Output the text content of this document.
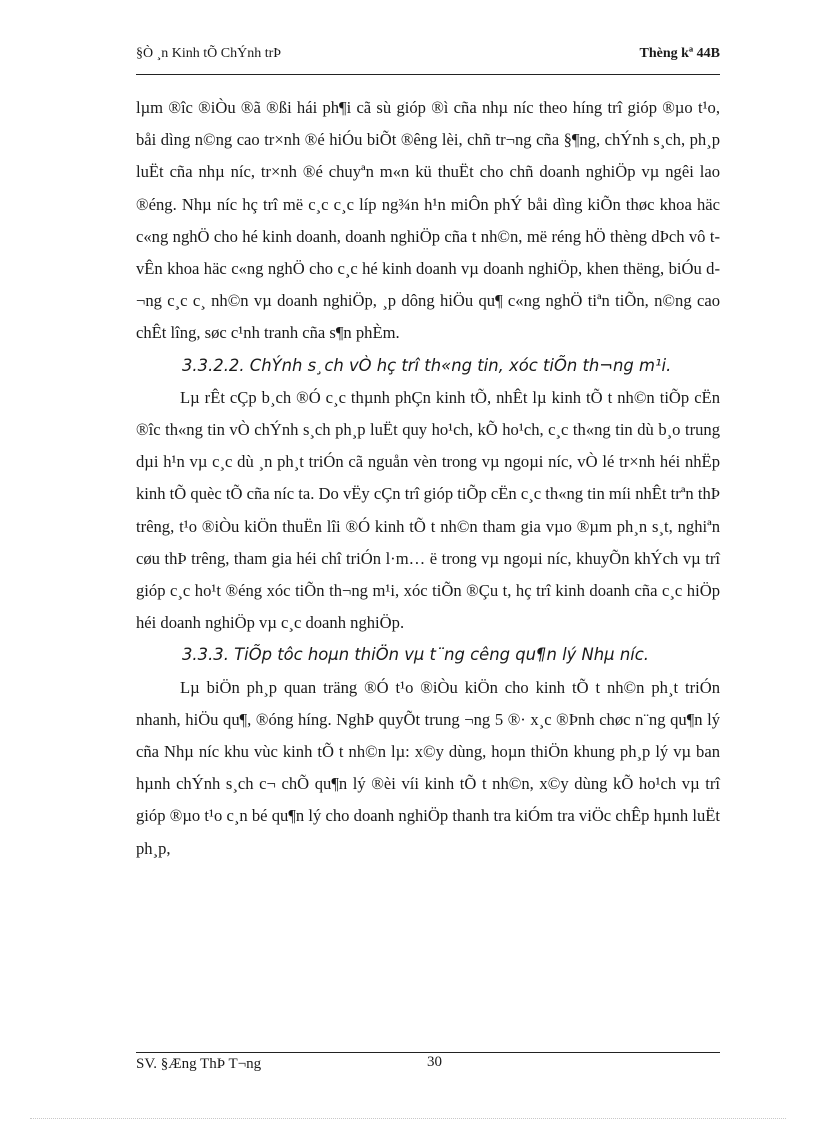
§Ò ¸n Kinh tÕ ChÝnh trÞ	Thèng kª 44B

lµm ®îc ®iÒu ®ã ®ßi hái ph¶i cã sù gióp ®ì cña nhµ níc theo híng trî gióp ®µo t¹o, båi dìng n©ng cao tr×nh ®é hiÓu biÕt ®êng lèi, chñ tr¬ng cña §¶ng, chÝnh s¸ch, ph¸p luËt cña nhµ níc, tr×nh ®é chuyªn m«n kü thuËt cho chñ doanh nghiÖp vµ ngêi lao ®éng. Nhµ níc hç trî më c¸c c¸c líp ng¾n h¹n miÔn phÝ båi dìng kiÕn thøc khoa häc c«ng nghÖ cho hé kinh doanh, doanh nghiÖp cña t nh©n, më réng hÖ thèng dÞch vô t vÊn khoa häc c«ng nghÖ cho c¸c hé kinh doanh vµ doanh nghiÖp, khen thëng, biÓu d¬ng c¸c c¸ nh©n vµ doanh nghiÖp, ¸p dông hiÖu qu¶ c«ng nghÖ tiªn tiÕn, n©ng cao chÊt lîng, søc c¹nh tranh cña s¶n phÈm.

3.3.2.2. ChÝnh s¸ch vÒ hç trî th«ng tin, xóc tiÕn th¬ng m¹i.

Lµ rÊt cÇp b¸ch ®Ó c¸c thµnh phÇn kinh tÕ, nhÊt lµ kinh tÕ t nh©n tiÕp cËn ®îc th«ng tin vÒ chÝnh s¸ch ph¸p luËt quy ho¹ch, kÕ ho¹ch, c¸c th«ng tin dù b¸o trung dµi h¹n vµ c¸c dù ¸n ph¸t triÓn cã nguån vèn trong vµ ngoµi níc, vÒ lé tr×nh héi nhËp kinh tÕ quèc tÕ cña níc ta. Do vËy cÇn trî gióp tiÕp cËn c¸c th«ng tin míi nhÊt trªn thÞ trêng, t¹o ®iÒu kiÖn thuËn lîi ®Ó kinh tÕ t nh©n tham gia vµo ®µm ph¸n s¸t, nghiªn cøu thÞ trêng, tham gia héi chî triÓn l·m… ë trong vµ ngoµi níc, khuyÕn khÝch vµ trî gióp c¸c ho¹t ®éng xóc tiÕn th¬ng m¹i, xóc tiÕn ®Çu t, hç trî kinh doanh cña c¸c hiÖp héi doanh nghiÖp vµ c¸c doanh nghiÖp.

3.3.3. TiÕp tôc hoµn thiÖn vµ t¨ng cêng qu¶n lý Nhµ níc.

Lµ biÖn ph¸p quan träng ®Ó t¹o ®iÒu kiÖn cho kinh tÕ t nh©n ph¸t triÓn nhanh, hiÖu qu¶, ®óng híng. NghÞ quyÕt trung ¬ng 5 ®· x¸c ®Þnh chøc n¨ng qu¶n lý cña Nhµ níc khu vùc kinh tÕ t nh©n lµ: x©y dùng, hoµn thiÖn khung ph¸p lý vµ ban hµnh chÝnh s¸ch c¬ chÕ qu¶n lý ®èi víi kinh tÕ t nh©n, x©y dùng kÕ ho¹ch vµ trî gióp ®µo t¹o c¸n bé qu¶n lý cho doanh nghiÖp thanh tra kiÓm tra viÖc chÊp hµnh luËt ph¸p,

SV. §Æng ThÞ T¬ng	30
